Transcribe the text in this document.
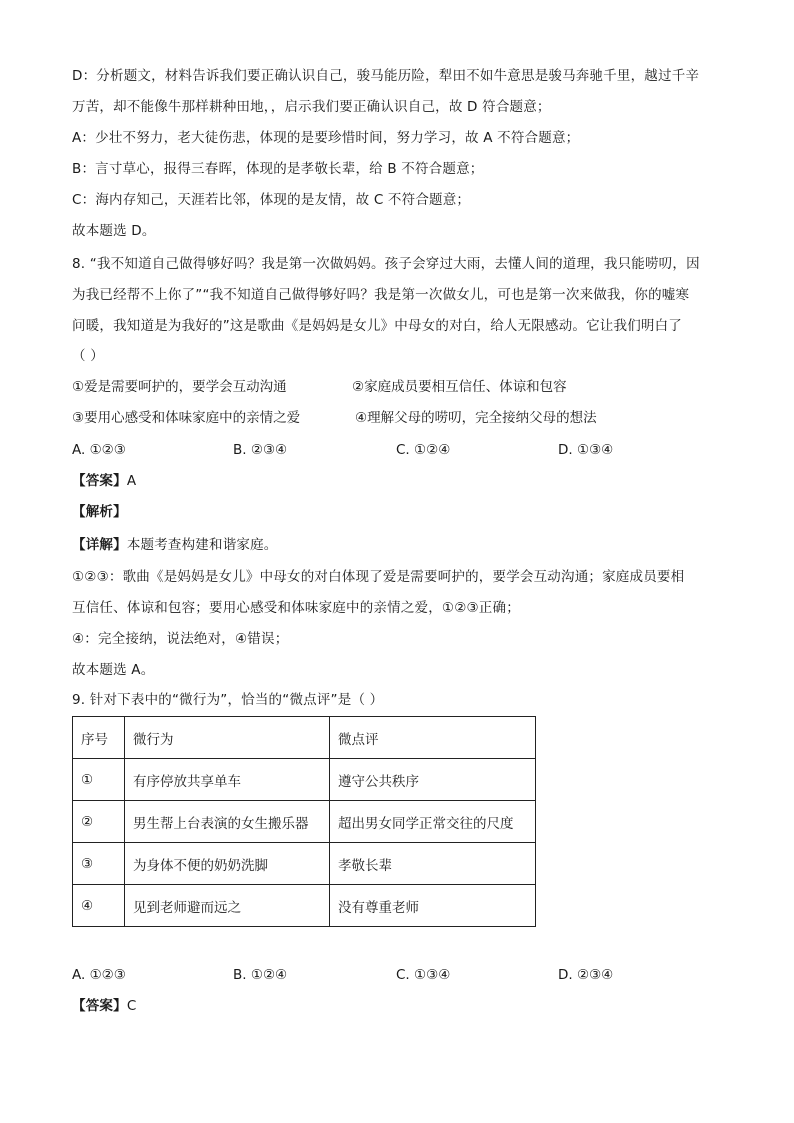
D：分析题文，材料告诉我们要正确认识自己，骏马能历险，犁田不如牛意思是骏马奔驰千里，越过千辛
万苦，却不能像牛那样耕种田地，，启示我们要正确认识自己，故 D 符合题意；
A：少壮不努力，老大徒伤悲，体现的是要珍惜时间，努力学习，故 A 不符合题意；
B：言寸草心，报得三春晖，体现的是孝敬长辈，给 B 不符合题意；
C：海内存知己，天涯若比邻，体现的是友情，故 C 不符合题意；
故本题选 D。
8. “我不知道自己做得够好吗？我是第一次做妈妈。孩子会穿过大雨，去懂人间的道理，我只能唠叨，因
为我已经帮不上你了”“我不知道自己做得够好吗？我是第一次做女儿，可也是第一次来做我，你的嘘寒
问暖，我知道是为我好的”这是歌曲《是妈妈是女儿》中母女的对白，给人无限感动。它让我们明白了
（ ）
①爱是需要呵护的，要学会互动沟通	②家庭成员要相互信任、体谅和包容
③要用心感受和体味家庭中的亲情之爱	④理解父母的唠叨，完全接纳父母的想法
A. ①②③	B. ②③④	C. ①②④	D. ①③④
【答案】A
【解析】
【详解】本题考查构建和谐家庭。
①②③：歌曲《是妈妈是女儿》中母女的对白体现了爱是需要呵护的，要学会互动沟通；家庭成员要相
互信任、体谅和包容；要用心感受和体味家庭中的亲情之爱，①②③正确；
④：完全接纳，说法绝对，④错误；
故本题选 A。
9. 针对下表中的“微行为”，恰当的“微点评”是（ ）
序号	微行为	微点评
①	有序停放共享单车	遵守公共秩序
②	男生帮上台表演的女生搬乐器	超出男女同学正常交往的尺度
③	为身体不便的奶奶洗脚	孝敬长辈
④	见到老师避而远之	没有尊重老师
A. ①②③	B. ①②④	C. ①③④	D. ②③④
【答案】C
